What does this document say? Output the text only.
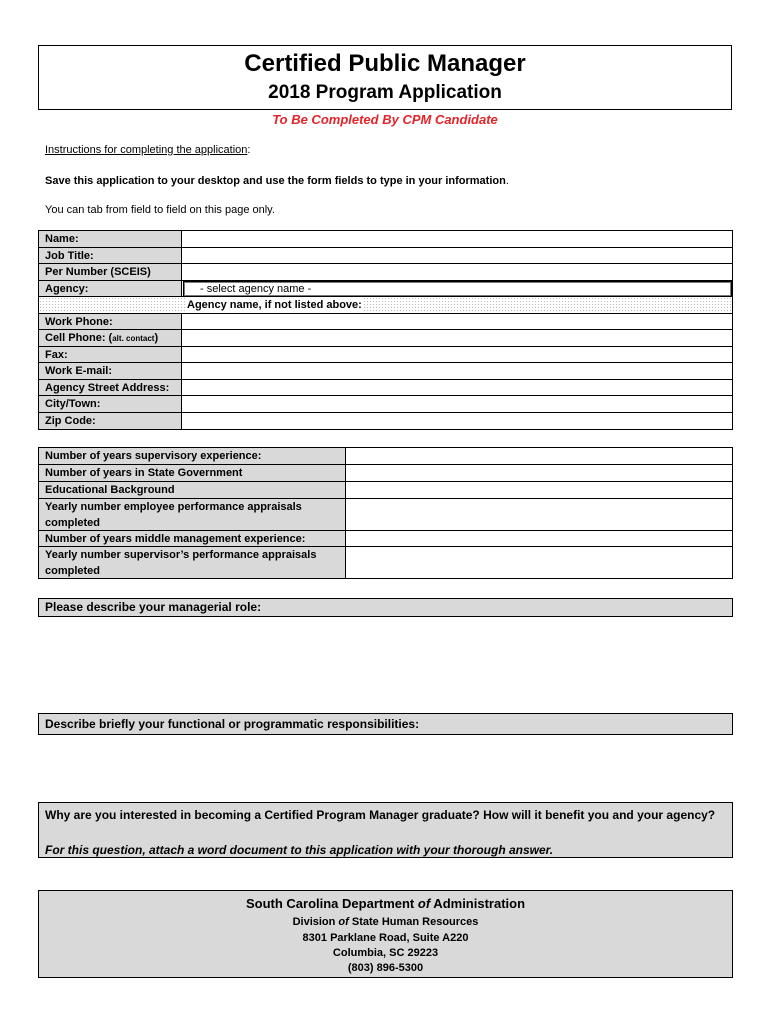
Certified Public Manager
2018 Program Application
To Be Completed By CPM Candidate
Instructions for completing the application:
Save this application to your desktop and use the form fields to type in your information.
You can tab from field to field on this page only.
Name:
Job Title:
Per Number (SCEIS)
Agency:	- select agency name -
Agency name, if not listed above:
Work Phone:
Cell Phone: (alt. contact)
Fax:
Work E-mail:
Agency Street Address:
City/Town:
Zip Code:
Number of years supervisory experience:
Number of years in State Government
Educational Background
Yearly number employee performance appraisals completed
Number of years middle management experience:
Yearly number supervisor’s performance appraisals completed
Please describe your managerial role:
Describe briefly your functional or programmatic responsibilities:
Why are you interested in becoming a Certified Program Manager graduate? How will it benefit you and your agency?
For this question, attach a word document to this application with your thorough answer.
South Carolina Department of Administration
Division of State Human Resources
8301 Parklane Road, Suite A220
Columbia, SC 29223
(803) 896-5300
